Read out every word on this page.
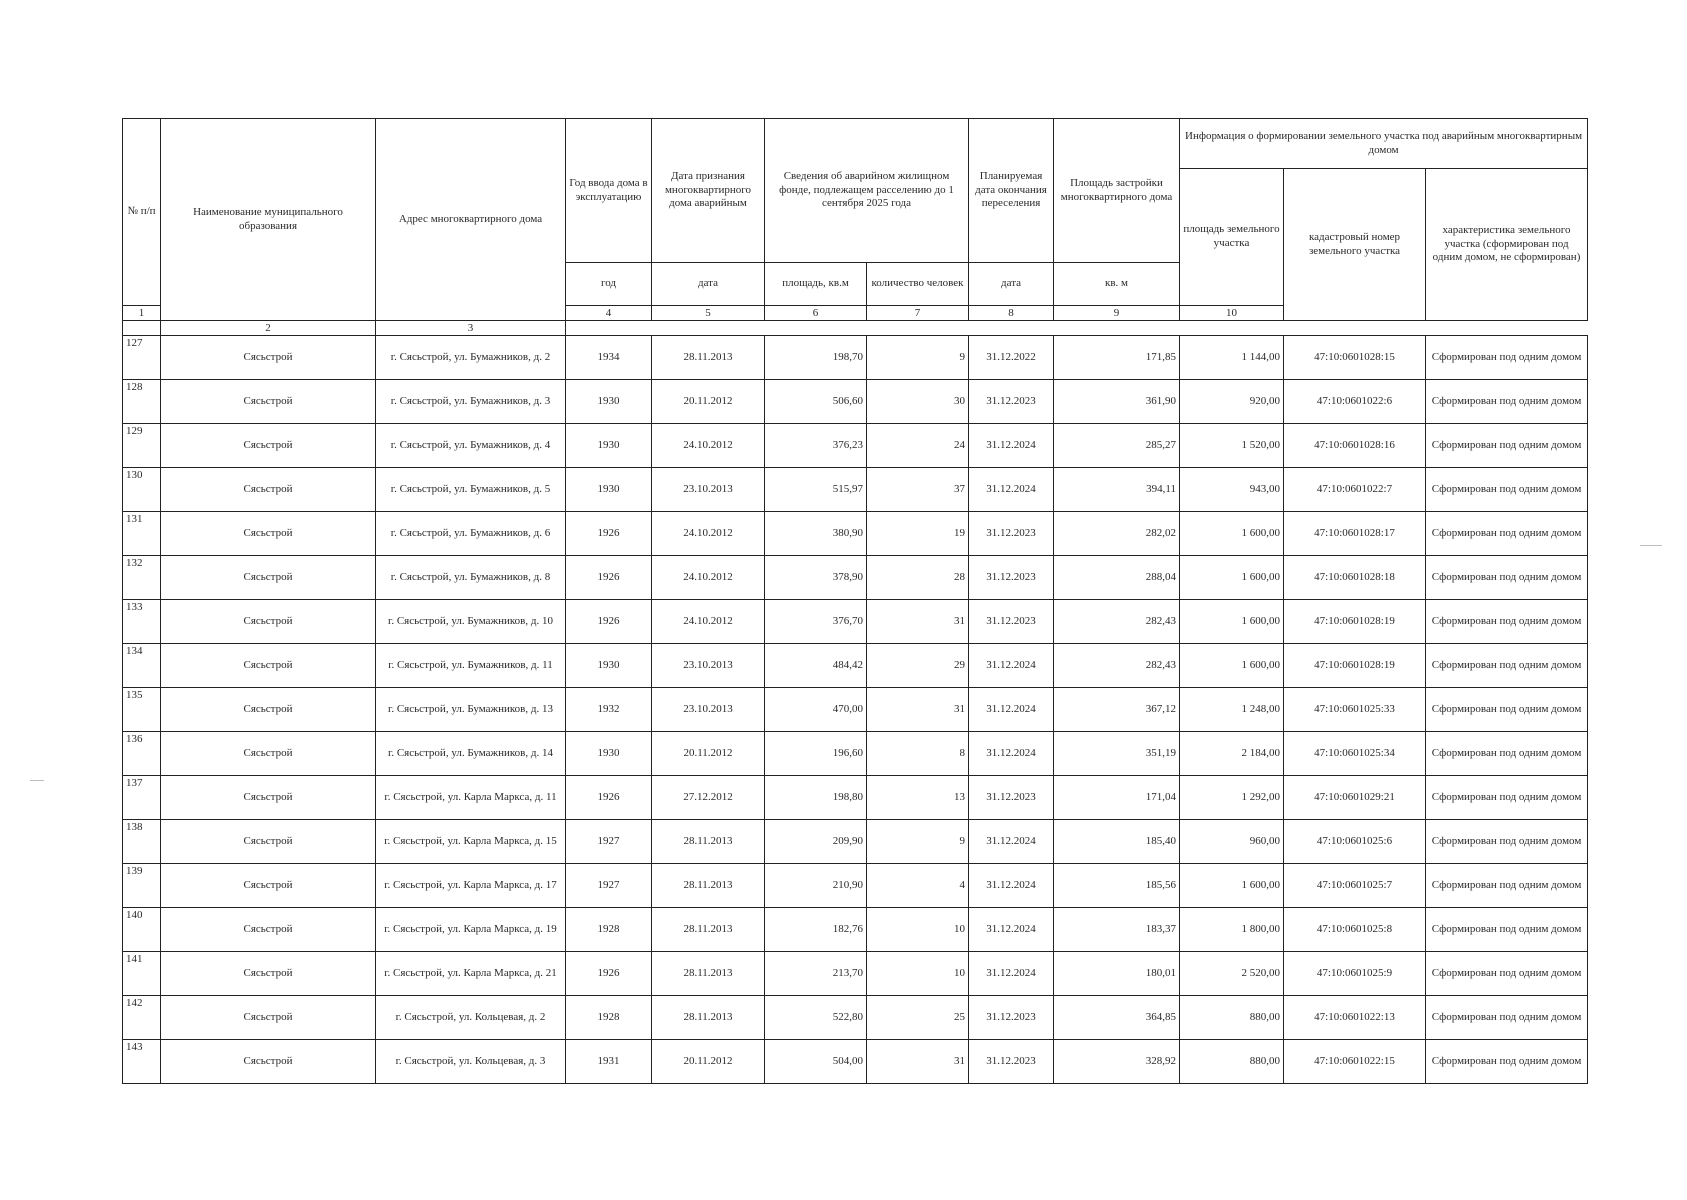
№ п/п	Наименование муниципального образования	Адрес многоквартирного дома	Год ввода дома в эксплуатацию	Дата признания многоквартирного дома аварийным	Сведения об аварийном жилищном фонде, подлежащем расселению до 1 сентября 2025 года		Планируемая дата окончания переселения	Площадь застройки многоквартирного дома	Информация о формировании земельного участка под аварийным многоквартирным домом			
									площадь земельного участка	кадастровый номер земельного участка	характеристика земельного участка (сформирован под одним домом, не сформирован)	
			год	дата	площадь, кв.м	количество человек	дата	кв. м	
1			4	5	6	7	8	9	10		
	2	3										
127	Сясьстрой	г. Сясьстрой, ул. Бумажников, д. 2	1934	28.11.2013	198,70	9	31.12.2022	171,85	1 144,00	47:10:0601028:15	Сформирован под одним домом	
128	Сясьстрой	г. Сясьстрой, ул. Бумажников, д. 3	1930	20.11.2012	506,60	30	31.12.2023	361,90	920,00	47:10:0601022:6	Сформирован под одним домом	
129	Сясьстрой	г. Сясьстрой, ул. Бумажников, д. 4	1930	24.10.2012	376,23	24	31.12.2024	285,27	1 520,00	47:10:0601028:16	Сформирован под одним домом	
130	Сясьстрой	г. Сясьстрой, ул. Бумажников, д. 5	1930	23.10.2013	515,97	37	31.12.2024	394,11	943,00	47:10:0601022:7	Сформирован под одним домом	
131	Сясьстрой	г. Сясьстрой, ул. Бумажников, д. 6	1926	24.10.2012	380,90	19	31.12.2023	282,02	1 600,00	47:10:0601028:17	Сформирован под одним домом	
132	Сясьстрой	г. Сясьстрой, ул. Бумажников, д. 8	1926	24.10.2012	378,90	28	31.12.2023	288,04	1 600,00	47:10:0601028:18	Сформирован под одним домом	
133	Сясьстрой	г. Сясьстрой, ул. Бумажников, д. 10	1926	24.10.2012	376,70	31	31.12.2023	282,43	1 600,00	47:10:0601028:19	Сформирован под одним домом	
134	Сясьстрой	г. Сясьстрой, ул. Бумажников, д. 11	1930	23.10.2013	484,42	29	31.12.2024	282,43	1 600,00	47:10:0601028:19	Сформирован под одним домом	
135	Сясьстрой	г. Сясьстрой, ул. Бумажников, д. 13	1932	23.10.2013	470,00	31	31.12.2024	367,12	1 248,00	47:10:0601025:33	Сформирован под одним домом	
136	Сясьстрой	г. Сясьстрой, ул. Бумажников, д. 14	1930	20.11.2012	196,60	8	31.12.2024	351,19	2 184,00	47:10:0601025:34	Сформирован под одним домом	
137	Сясьстрой	г. Сясьстрой, ул. Карла Маркса, д. 11	1926	27.12.2012	198,80	13	31.12.2023	171,04	1 292,00	47:10:0601029:21	Сформирован под одним домом	
138	Сясьстрой	г. Сясьстрой, ул. Карла Маркса, д. 15	1927	28.11.2013	209,90	9	31.12.2024	185,40	960,00	47:10:0601025:6	Сформирован под одним домом	
139	Сясьстрой	г. Сясьстрой, ул. Карла Маркса, д. 17	1927	28.11.2013	210,90	4	31.12.2024	185,56	1 600,00	47:10:0601025:7	Сформирован под одним домом	
140	Сясьстрой	г. Сясьстрой, ул. Карла Маркса, д. 19	1928	28.11.2013	182,76	10	31.12.2024	183,37	1 800,00	47:10:0601025:8	Сформирован под одним домом	
141	Сясьстрой	г. Сясьстрой, ул. Карла Маркса, д. 21	1926	28.11.2013	213,70	10	31.12.2024	180,01	2 520,00	47:10:0601025:9	Сформирован под одним домом	
142	Сясьстрой	г. Сясьстрой, ул. Кольцевая, д. 2	1928	28.11.2013	522,80	25	31.12.2023	364,85	880,00	47:10:0601022:13	Сформирован под одним домом	
143	Сясьстрой	г. Сясьстрой, ул. Кольцевая, д. 3	1931	20.11.2012	504,00	31	31.12.2023	328,92	880,00	47:10:0601022:15	Сформирован под одним домом	
